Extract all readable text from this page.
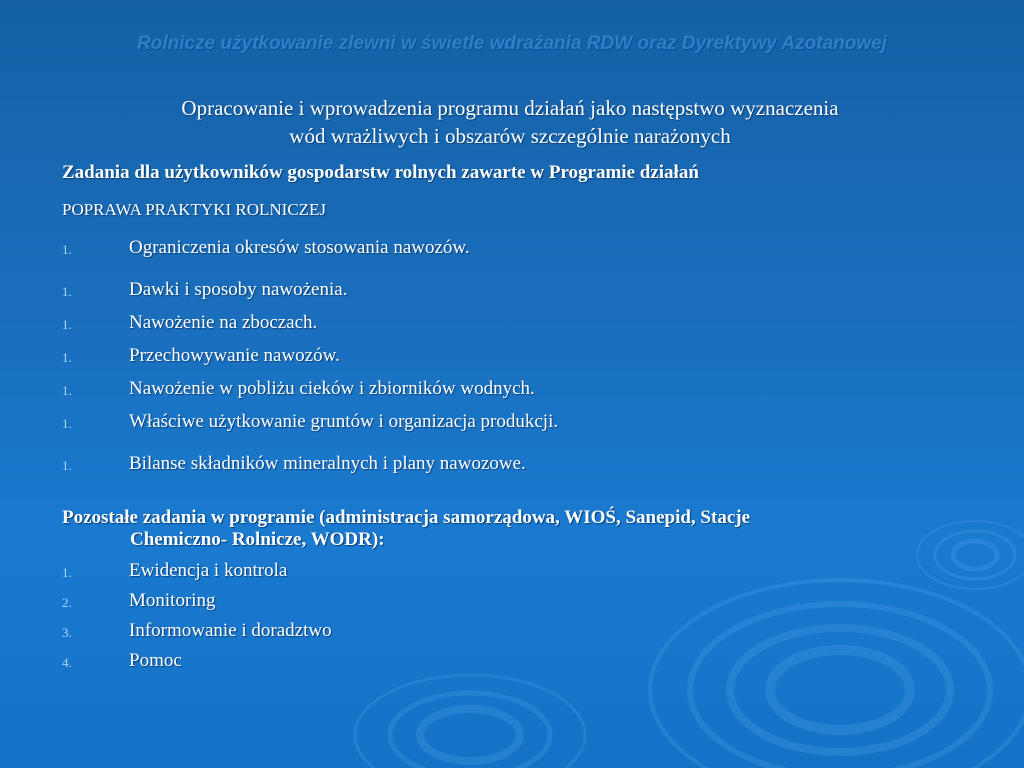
Rolnicze użytkowanie zlewni w świetle wdrażania RDW oraz Dyrektywy Azotanowej
Opracowanie i wprowadzenia programu działań jako następstwo wyznaczenia
wód wrażliwych i obszarów szczególnie narażonych
Zadania dla użytkowników gospodarstw rolnych zawarte w Programie działań
POPRAWA PRAKTYKI ROLNICZEJ
1.	Ograniczenia okresów stosowania nawozów.
1.	Dawki i sposoby nawożenia.
1.	Nawożenie na zboczach.
1.	Przechowywanie nawozów.
1.	Nawożenie w pobliżu cieków i zbiorników wodnych.
1.	Właściwe użytkowanie gruntów i organizacja produkcji.
1.	Bilanse składników mineralnych i plany nawozowe.
Pozostałe zadania w programie (administracja samorządowa, WIOŚ, Sanepid, Stacje
Chemiczno- Rolnicze, WODR):
1.	Ewidencja i kontrola
2.	Monitoring
3.	Informowanie i doradztwo
4.	Pomoc
